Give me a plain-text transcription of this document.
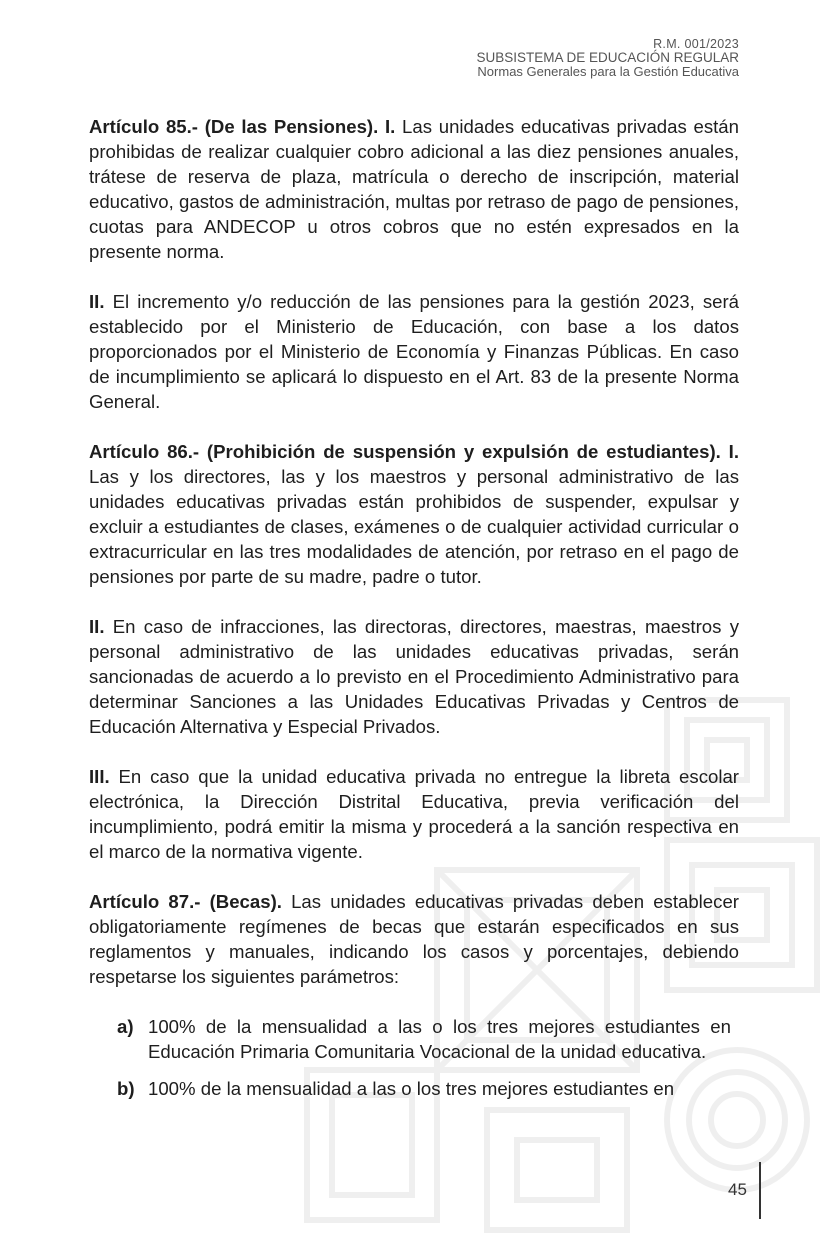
R.M. 001/2023
SUBSISTEMA DE EDUCACIÓN REGULAR
Normas Generales para la Gestión Educativa

Artículo 85.- (De las Pensiones). I. Las unidades educativas privadas están prohibidas de realizar cualquier cobro adicional a las diez pensiones anuales, trátese de reserva de plaza, matrícula o derecho de inscripción, material educativo, gastos de administración, multas por retraso de pago de pensiones, cuotas para ANDECOP u otros cobros que no estén expresados en la presente norma.

II. El incremento y/o reducción de las pensiones para la gestión 2023, será establecido por el Ministerio de Educación, con base a los datos proporcionados por el Ministerio de Economía y Finanzas Públicas. En caso de incumplimiento se aplicará lo dispuesto en el Art. 83 de la presente Norma General.

Artículo 86.- (Prohibición de suspensión y expulsión de estudiantes). I. Las y los directores, las y los maestros y personal administrativo de las unidades educativas privadas están prohibidos de suspender, expulsar y excluir a estudiantes de clases, exámenes o de cualquier actividad curricular o extracurricular en las tres modalidades de atención, por retraso en el pago de pensiones por parte de su madre, padre o tutor.

II. En caso de infracciones, las directoras, directores, maestras, maestros y personal administrativo de las unidades educativas privadas, serán sancionadas de acuerdo a lo previsto en el Procedimiento Administrativo para determinar Sanciones a las Unidades Educativas Privadas y Centros de Educación Alternativa y Especial Privados.

III. En caso que la unidad educativa privada no entregue la libreta escolar electrónica, la Dirección Distrital Educativa, previa verificación del incumplimiento, podrá emitir la misma y procederá a la sanción respectiva en el marco de la normativa vigente.

Artículo 87.- (Becas). Las unidades educativas privadas deben establecer obligatoriamente regímenes de becas que estarán especificados en sus reglamentos y manuales, indicando los casos y porcentajes, debiendo respetarse los siguientes parámetros:

a) 100% de la mensualidad a las o los tres mejores estudiantes en Educación Primaria Comunitaria Vocacional de la unidad educativa.
b) 100% de la mensualidad a las o los tres mejores estudiantes en
45
